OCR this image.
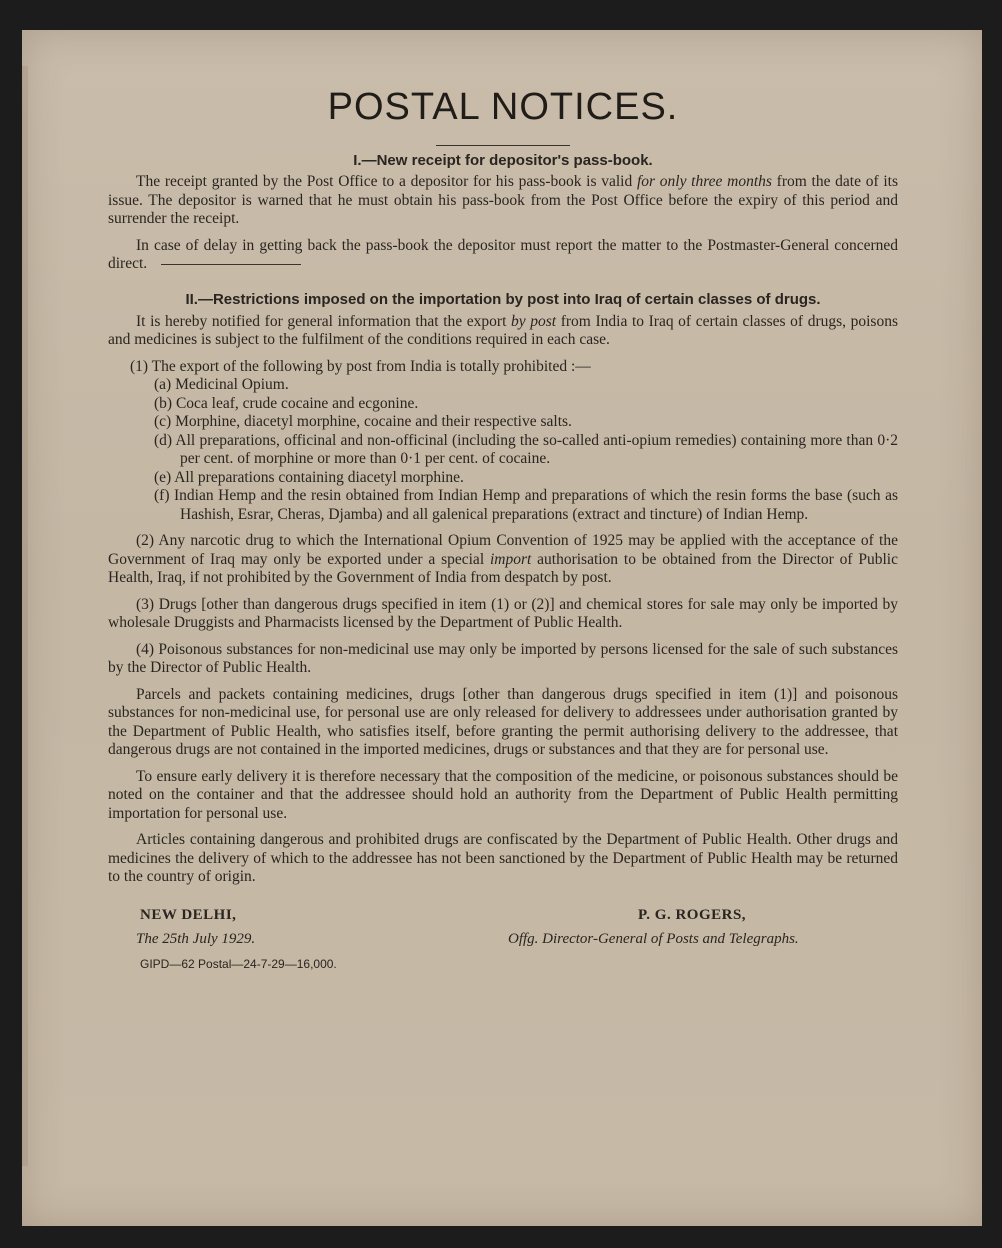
POSTAL NOTICES.
I.—New receipt for depositor's pass-book.

The receipt granted by the Post Office to a depositor for his pass-book is valid for only three months from the date of its issue. The depositor is warned that he must obtain his pass-book from the Post Office before the expiry of this period and surrender the receipt.

In case of delay in getting back the pass-book the depositor must report the matter to the Postmaster-General concerned direct.

II.—Restrictions imposed on the importation by post into Iraq of certain classes of drugs.

It is hereby notified for general information that the export by post from India to Iraq of certain classes of drugs, poisons and medicines is subject to the fulfilment of the conditions required in each case.

(1) The export of the following by post from India is totally prohibited :—
(a) Medicinal Opium.
(b) Coca leaf, crude cocaine and ecgonine.
(c) Morphine, diacetyl morphine, cocaine and their respective salts.
(d) All preparations, officinal and non-officinal (including the so-called anti-opium remedies) containing more than 0·2 per cent. of morphine or more than 0·1 per cent. of cocaine.
(e) All preparations containing diacetyl morphine.
(f) Indian Hemp and the resin obtained from Indian Hemp and preparations of which the resin forms the base (such as Hashish, Esrar, Cheras, Djamba) and all galenical preparations (extract and tincture) of Indian Hemp.

(2) Any narcotic drug to which the International Opium Convention of 1925 may be applied with the acceptance of the Government of Iraq may only be exported under a special import authorisation to be obtained from the Director of Public Health, Iraq, if not prohibited by the Government of India from despatch by post.

(3) Drugs [other than dangerous drugs specified in item (1) or (2)] and chemical stores for sale may only be imported by wholesale Druggists and Pharmacists licensed by the Department of Public Health.

(4) Poisonous substances for non-medicinal use may only be imported by persons licensed for the sale of such substances by the Director of Public Health.

Parcels and packets containing medicines, drugs [other than dangerous drugs specified in item (1)] and poisonous substances for non-medicinal use, for personal use are only released for delivery to addressees under authorisation granted by the Department of Public Health, who satisfies itself, before granting the permit authorising delivery to the addressee, that dangerous drugs are not contained in the imported medicines, drugs or substances and that they are for personal use.

To ensure early delivery it is therefore necessary that the composition of the medicine, or poisonous substances should be noted on the container and that the addressee should hold an authority from the Department of Public Health permitting importation for personal use.

Articles containing dangerous and prohibited drugs are confiscated by the Department of Public Health. Other drugs and medicines the delivery of which to the addressee has not been sanctioned by the Department of Public Health may be returned to the country of origin.

NEW DELHI,
The 25th July 1929.
GIPD—62 Postal—24-7-29—16,000.
P. G. ROGERS,
Offg. Director-General of Posts and Telegraphs.
